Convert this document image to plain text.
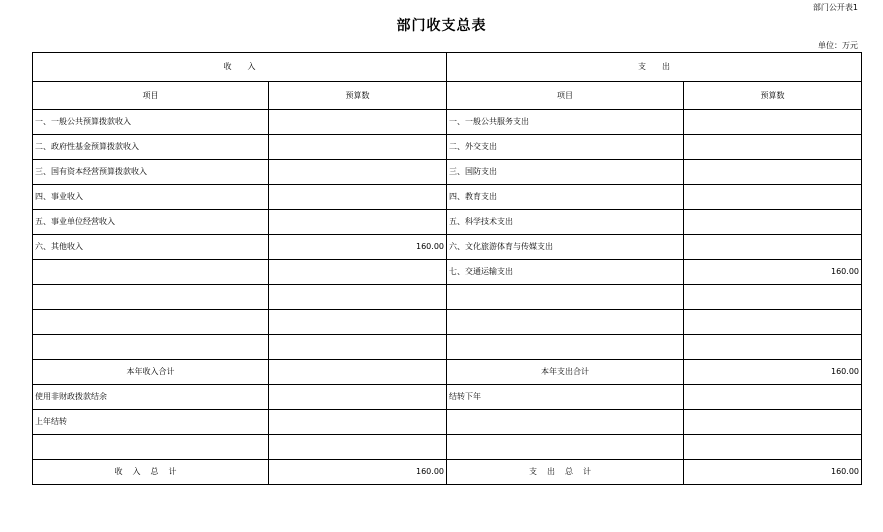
部门公开表1
部门收支总表
单位：万元
收　　入		支　　出	
项目	预算数	项目	预算数
一、一般公共预算拨款收入		一、一般公共服务支出	
二、政府性基金预算拨款收入		二、外交支出	
三、国有资本经营预算拨款收入		三、国防支出	
四、事业收入		四、教育支出	
五、事业单位经营收入		五、科学技术支出	
六、其他收入	160.00	六、文化旅游体育与传媒支出	
		七、交通运输支出	160.00

本年收入合计		本年支出合计	160.00
使用非财政拨款结余		结转下年	
上年结转			

收入总计	160.00	支出总计	160.00
